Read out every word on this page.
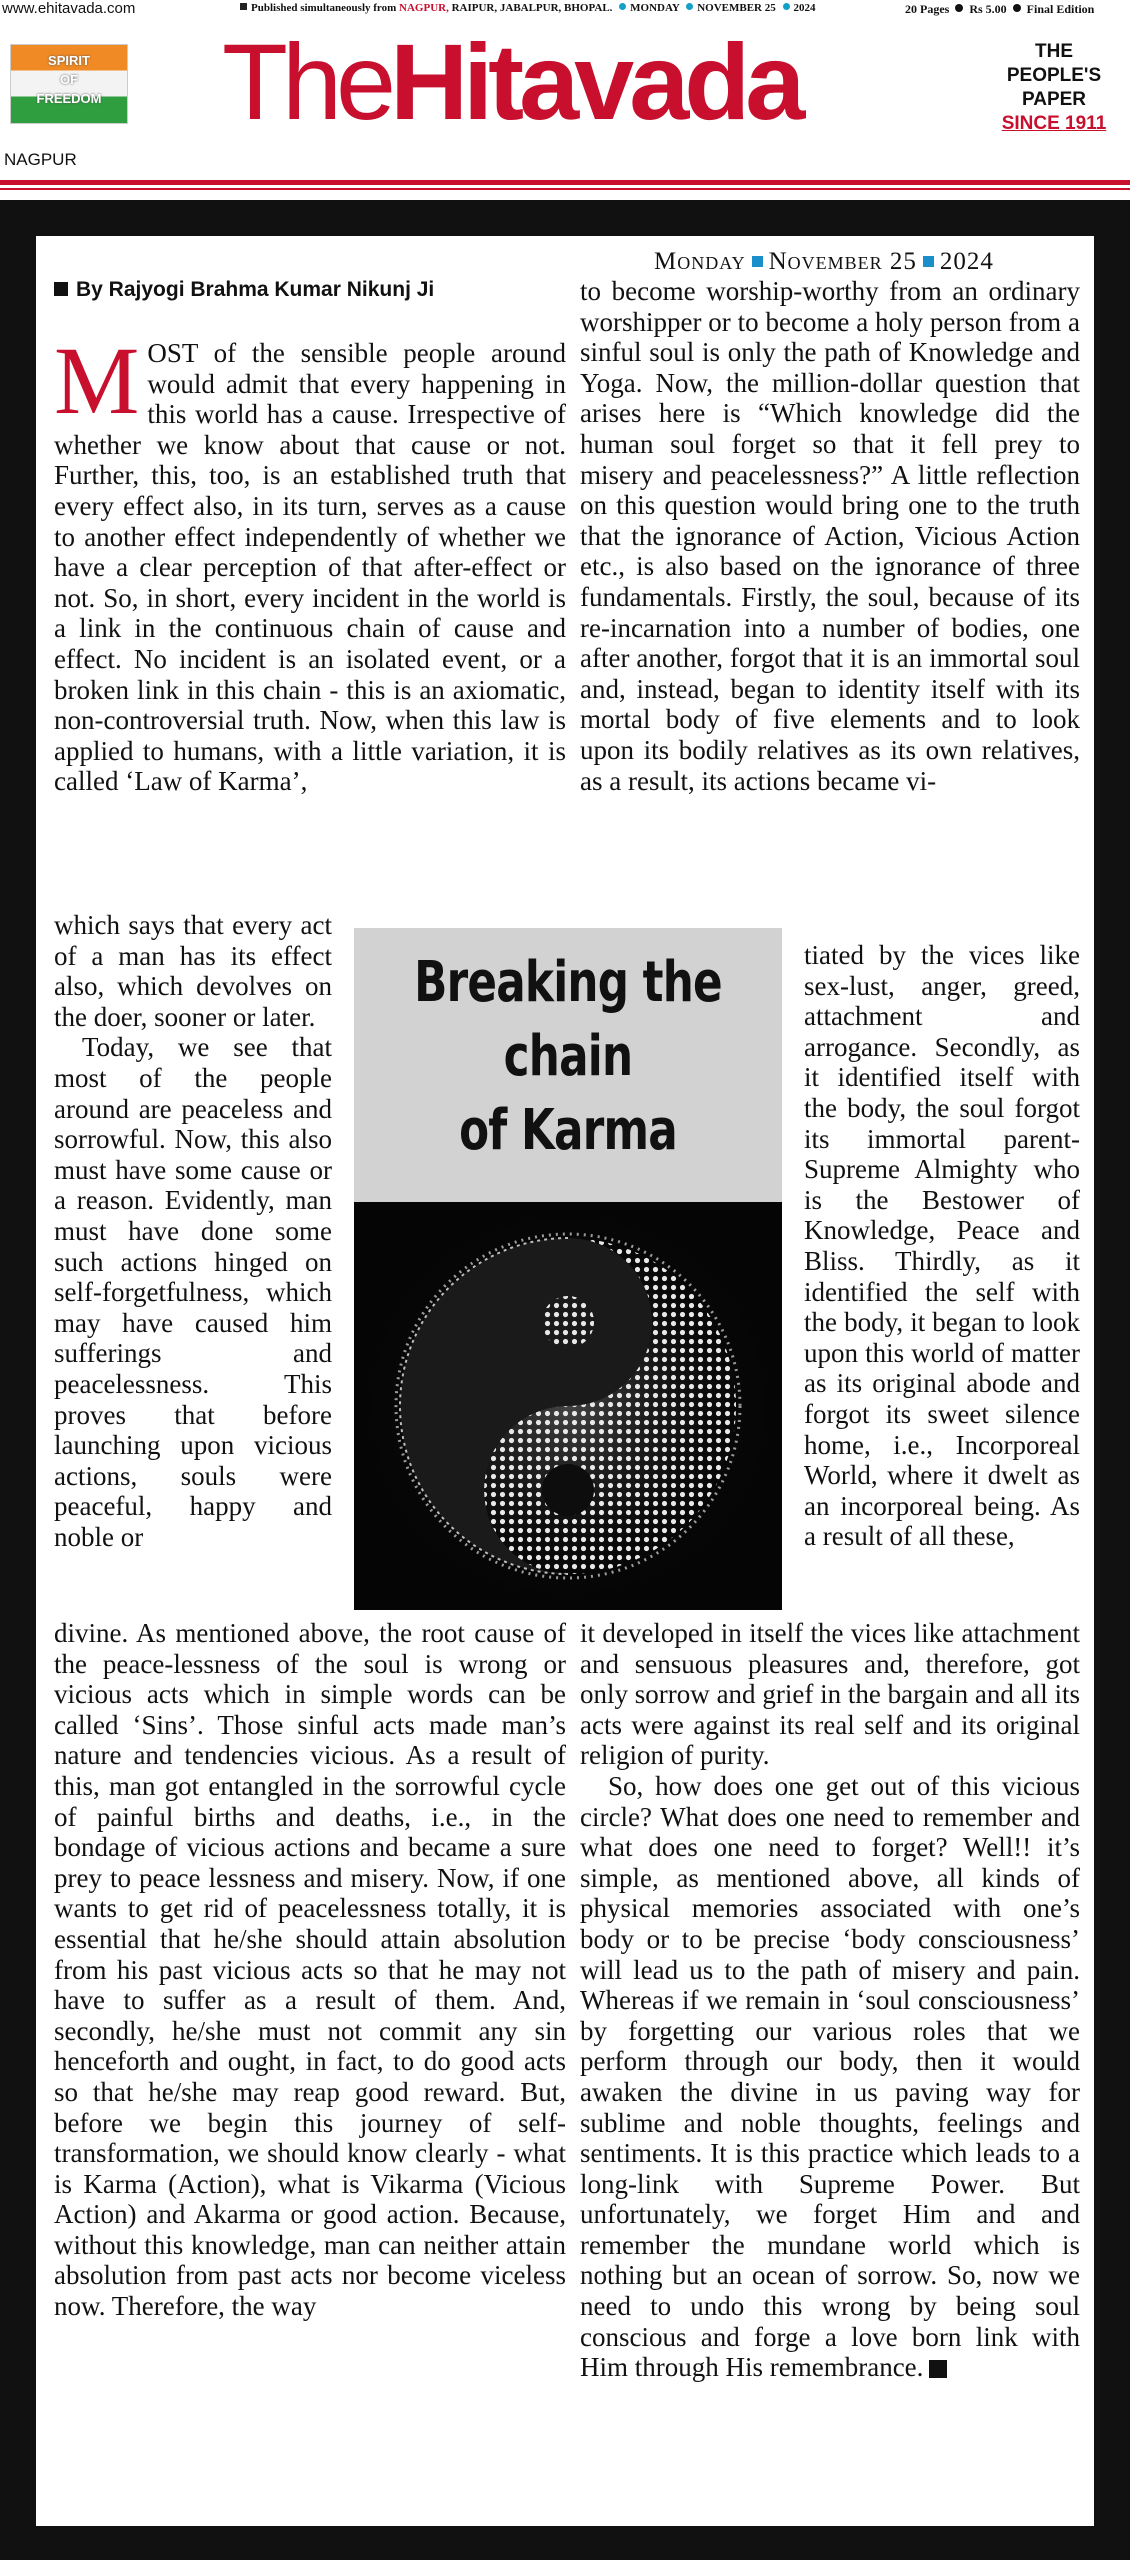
www.ehitavada.com	Published simultaneously from NAGPUR, RAIPUR, JABALPUR, BHOPAL. MONDAY NOVEMBER 25 2024	20 Pages Rs 5.00 Final Edition
SPIRIT
OF
FREEDOM TheHitavada	THE PEOPLE'S
PAPER
SINCE 1911
NAGPUR
Monday November 25 2024
By Rajyogi Brahma Kumar Nikunj Ji

MOST of the sensible people around would admit that every happening in this world has a cause. Irrespective of whether we know about that cause or not. Further, this, too, is an established truth that every effect also, in its turn, serves as a cause to another effect independently of whether we have a clear perception of that after-effect or not. So, in short, every incident in the world is a link in the continuous chain of cause and effect. No incident is an isolated event, or a broken link in this chain - this is an axiomatic, non-controversial truth. Now, when this law is applied to humans, with a little variation, it is called ‘Law of Karma’,

which says that every act of a man has its effect also, which devolves on the doer, sooner or later.

Today, we see that most of the people around are peaceless and sorrowful. Now, this also must have some cause or a reason. Evidently, man must have done some such actions hinged on self-forgetfulness, which may have caused him sufferings and peacelessness. This proves that before launching upon vicious actions, souls were peaceful, happy and noble or

divine. As mentioned above, the root cause of the peace-lessness of the soul is wrong or vicious acts which in simple words can be called ‘Sins’. Those sinful acts made man’s nature and tendencies vicious. As a result of this, man got entangled in the sorrowful cycle of painful births and deaths, i.e., in the bondage of vicious actions and became a sure prey to peace lessness and misery. Now, if one wants to get rid of peacelessness totally, it is essential that he/she should attain absolution from his past vicious acts so that he may not have to suffer as a result of them. And, secondly, he/she must not commit any sin henceforth and ought, in fact, to do good acts so that he/she may reap good reward. But, before we begin this journey of self-transformation, we should know clearly - what is Karma (Action), what is Vikarma (Vicious Action) and Akarma or good action. Because, without this knowledge, man can neither attain absolution from past acts nor become viceless now. Therefore, the way

to become worship-worthy from an ordinary worshipper or to become a holy person from a sinful soul is only the path of Knowledge and Yoga. Now, the million-dollar question that arises here is “Which knowledge did the human soul forget so that it fell prey to misery and peacelessness?” A little reflection on this question would bring one to the truth that the ignorance of Action, Vicious Action etc., is also based on the ignorance of three fundamentals. Firstly, the soul, because of its re-incarnation into a number of bodies, one after another, forgot that it is an immortal soul and, instead, began to identity itself with its mortal body of five elements and to look upon its bodily relatives as its own relatives, as a result, its actions became vi-

tiated by the vices like sex-lust, anger, greed, attachment and arrogance. Secondly, as it identified itself with the body, the soul forgot its immortal parent- Supreme Almighty who is the Bestower of Knowledge, Peace and Bliss. Thirdly, as it identified the self with the body, it began to look upon this world of matter as its original abode and forgot its sweet silence home, i.e., Incorporeal World, where it dwelt as an incorporeal being. As a result of all these,

it developed in itself the vices like attachment and sensuous pleasures and, therefore, got only sorrow and grief in the bargain and all its acts were against its real self and its original religion of purity.

So, how does one get out of this vicious circle? What does one need to remember and what does one need to forget? Well!! it’s simple, as mentioned above, all kinds of physical memories associated with one’s body or to be precise ‘body consciousness’ will lead us to the path of misery and pain. Whereas if we remain in ‘soul consciousness’ by forgetting our various roles that we perform through our body, then it would awaken the divine in us paving way for sublime and noble thoughts, feelings and sentiments. It is this practice which leads to a long-link with Supreme Power. But unfortunately, we forget Him and and remember the mundane world which is nothing but an ocean of sorrow. So, now we need to undo this wrong by being soul conscious and forge a love born link with Him through His remembrance.

Breaking the
chain
of Karma
